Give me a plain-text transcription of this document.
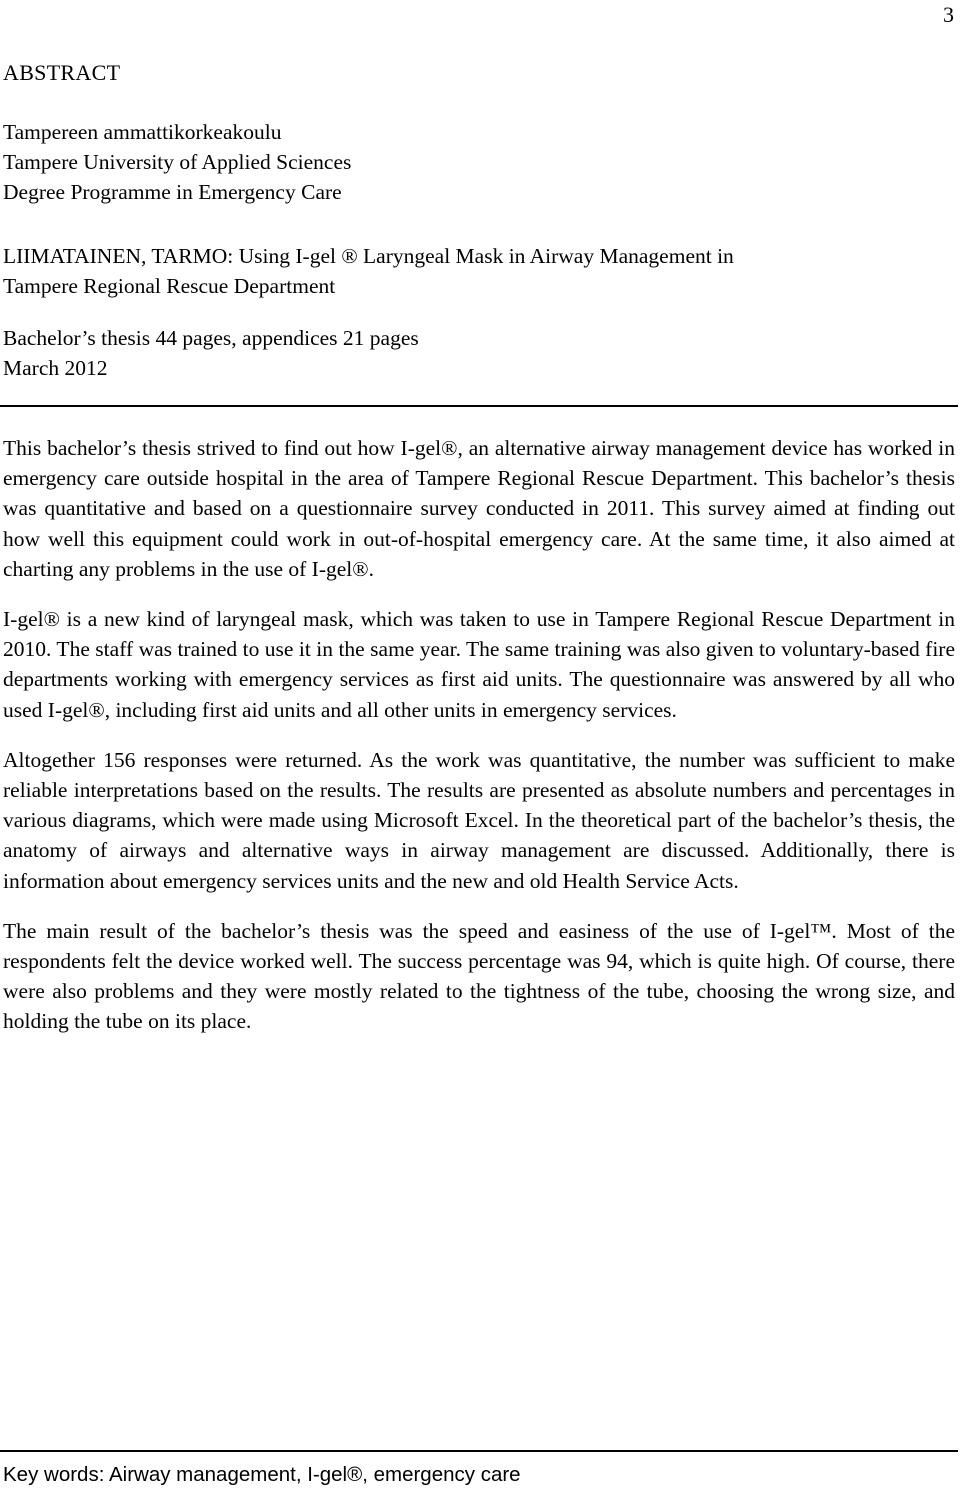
3
ABSTRACT
Tampereen ammattikorkeakoulu
Tampere University of Applied Sciences
Degree Programme in Emergency Care
LIIMATAINEN, TARMO: Using I-gel ® Laryngeal Mask in Airway Management in
Tampere Regional Rescue Department
Bachelor’s thesis 44 pages, appendices 21 pages
March 2012

This bachelor’s thesis strived to find out how I-gel®, an alternative airway management device has worked in emergency care outside hospital in the area of Tampere Regional Rescue Department. This bachelor’s thesis was quantitative and based on a questionnaire survey conducted in 2011. This survey aimed at finding out how well this equipment could work in out-of-hospital emergency care. At the same time, it also aimed at charting any problems in the use of I-gel®.

I-gel® is a new kind of laryngeal mask, which was taken to use in Tampere Regional Rescue Department in 2010. The staff was trained to use it in the same year. The same training was also given to voluntary-based fire departments working with emergency services as first aid units. The questionnaire was answered by all who used I-gel®, including first aid units and all other units in emergency services.

Altogether 156 responses were returned. As the work was quantitative, the number was sufficient to make reliable interpretations based on the results. The results are presented as absolute numbers and percentages in various diagrams, which were made using Microsoft Excel. In the theoretical part of the bachelor’s thesis, the anatomy of airways and alternative ways in airway management are discussed. Additionally, there is information about emergency services units and the new and old Health Service Acts.

The main result of the bachelor’s thesis was the speed and easiness of the use of I-gel™. Most of the respondents felt the device worked well. The success percentage was 94, which is quite high. Of course, there were also problems and they were mostly related to the tightness of the tube, choosing the wrong size, and holding the tube on its place.

Key words: Airway management, I-gel®, emergency care
